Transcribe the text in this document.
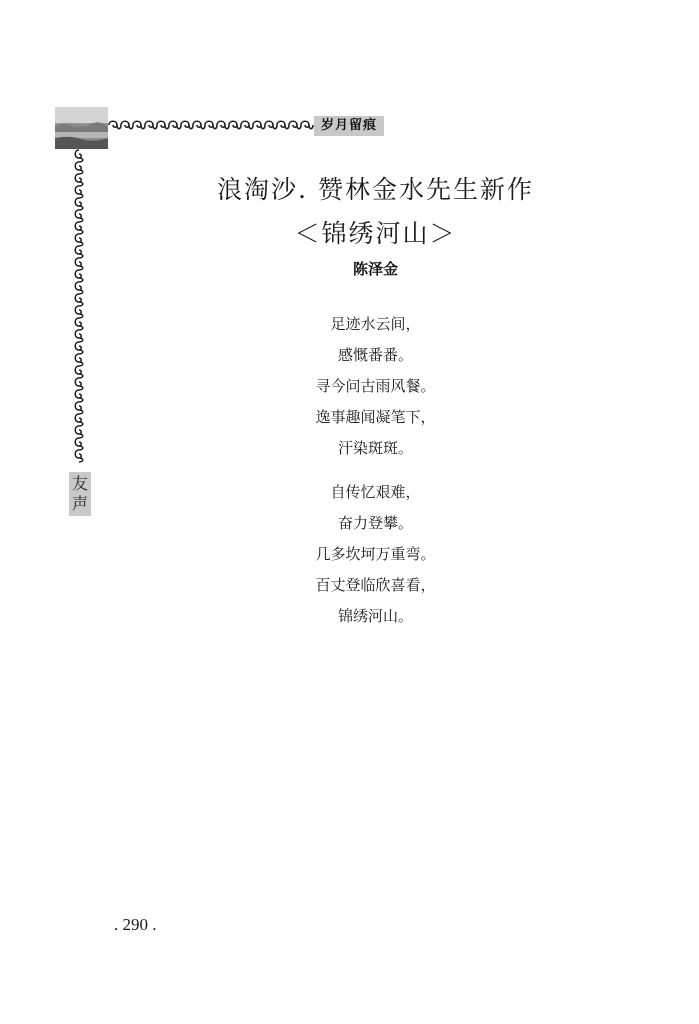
岁月留痕
友
声
浪淘沙. 赞林金水先生新作
＜锦绣河山＞
陈泽金
足迹水云间，
感慨番番。
寻今问古雨风餐。
逸事趣闻凝笔下，
汗染斑斑。
自传忆艰难，
奋力登攀。
几多坎坷万重弯。
百丈登临欣喜看，
锦绣河山。
. 290 .
